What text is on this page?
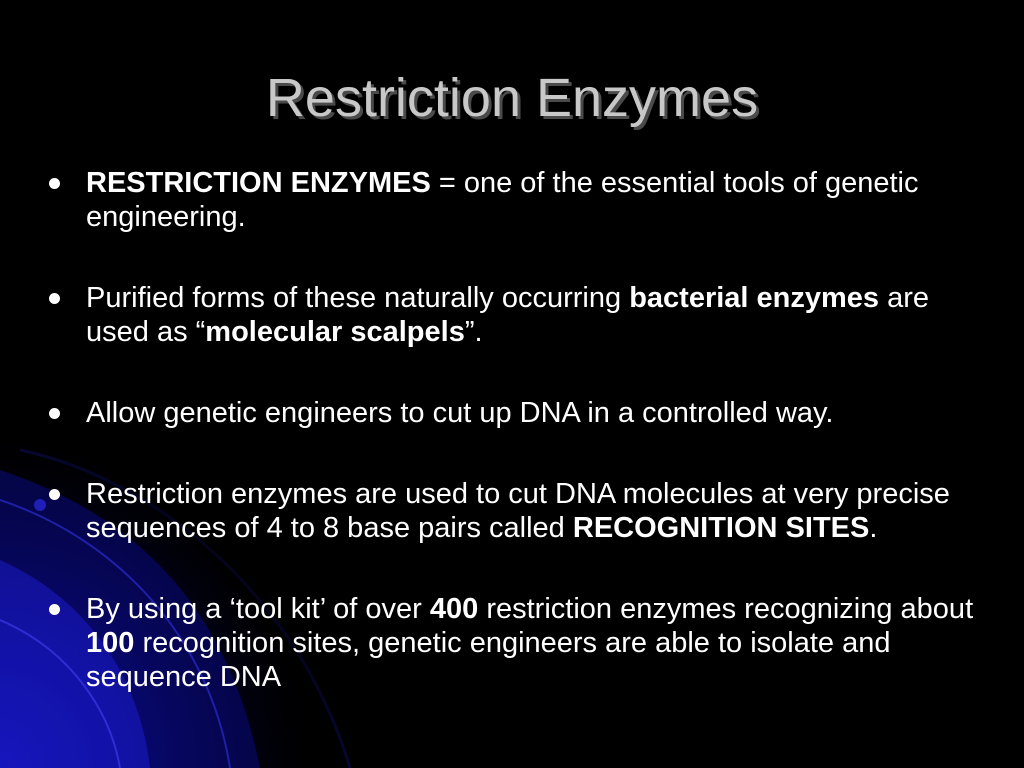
Restriction Enzymes
RESTRICTION ENZYMES = one of the essential tools of genetic engineering.
Purified forms of these naturally occurring bacterial enzymes are used as “molecular scalpels”.
Allow genetic engineers to cut up DNA in a controlled way.
Restriction enzymes are used to cut DNA molecules at very precise sequences of 4 to 8 base pairs called RECOGNITION SITES.
By using a ‘tool kit’ of over 400 restriction enzymes recognizing about 100 recognition sites, genetic engineers are able to isolate and sequence DNA
